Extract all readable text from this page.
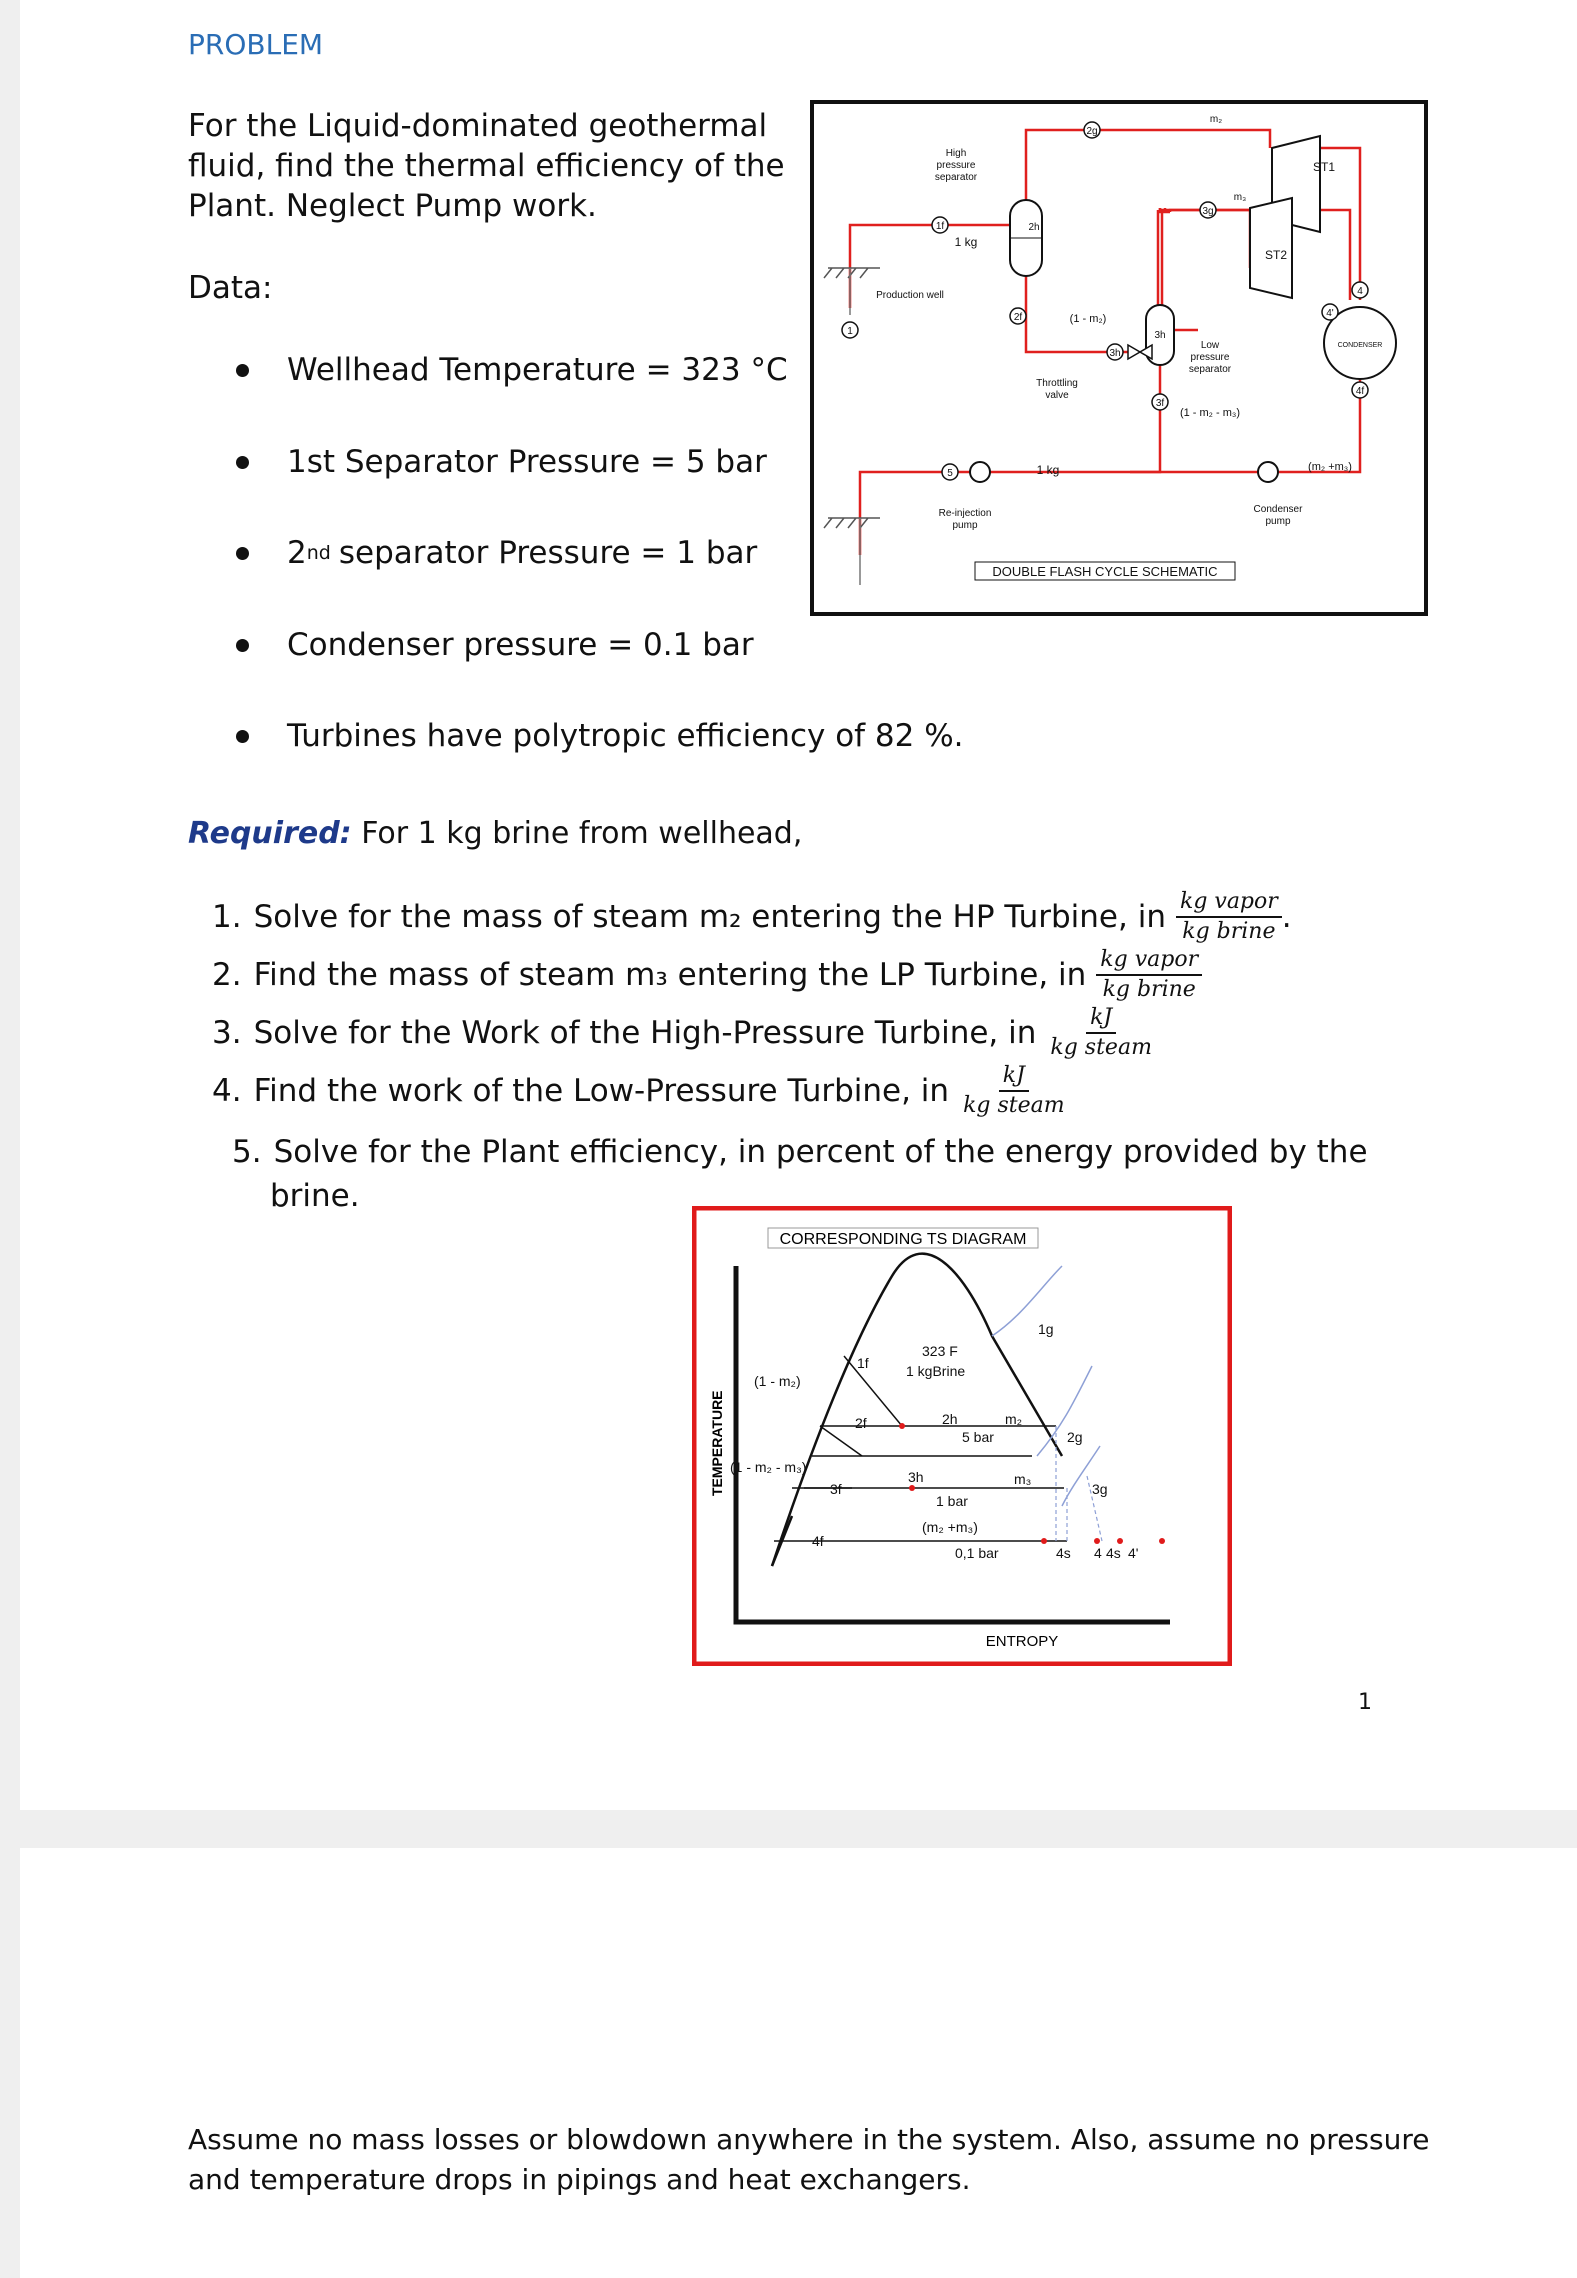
PROBLEM
For the Liquid-dominated geothermal fluid, find the thermal efficiency of the Plant. Neglect Pump work.
Data:
Wellhead Temperature = 323 °C
1st Separator Pressure = 5 bar
2 nd separator Pressure = 1 bar
Condenser pressure = 0.1 bar
Turbines have polytropic efficiency of 82 %.
Required: For 1 kg brine from wellhead,
1. Solve for the mass of steam m₂ entering the HP Turbine, in $\frac{\text{kg vapor}}{\text{kg brine}}$ .
2. Find the mass of steam m₃ entering the LP Turbine, in $\frac{\text{kg vapor}}{\text{kg brine}}$
3. Solve for the Work of the High-Pressure Turbine, in $\frac{kJ}{\text{kg steam}}$
4. Find the work of the Low-Pressure Turbine, in $\frac{kJ}{\text{kg steam}}$
5. Solve for the Plant efficiency, in percent of the energy provided by the
brine.
1
1f
2g
2f
3h
3g
3f
4
4'
4f
5
2h
3h
High
pressure
separator
Production well
1 kg
(1 - m₂)
Throttling
valve
Low
pressure
separator
(1 - m₂ - m₃)
1 kg
Re-injection
pump
Condenser
pump
CONDENSER
ST1
ST2
m₂
m₃
(m₂ +m₃)
DOUBLE FLASH CYCLE SCHEMATIC
CORRESPONDING TS DIAGRAM
TEMPERATURE
ENTROPY
323 F
1 kgBrine
1f
1g
(1 - m₂)
2f	2h	m₂
5 bar	2g
(1 - m₂ - m₃)
3f
3h	m₃
1 bar
3g
(m₂ +m₃)
4f
0,1 bar	4s 4 4s 4'
1
Assume no mass losses or blowdown anywhere in the system. Also, assume no pressure and temperature drops in pipings and heat exchangers.
